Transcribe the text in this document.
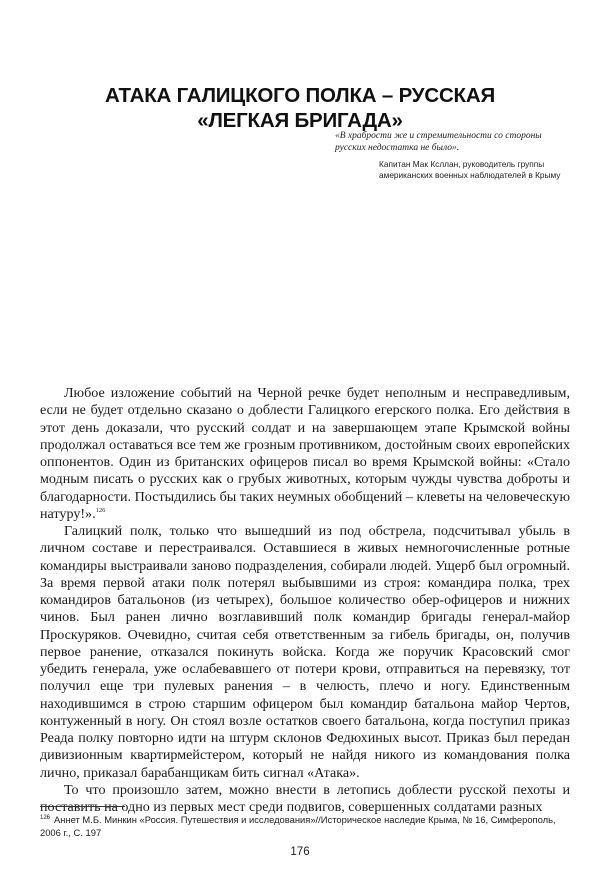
АТАКА ГАЛИЦКОГО ПОЛКА – РУССКАЯ
«ЛЕГКАЯ БРИГАДА»

«В храбрости же и стремительности со стороны русских недостатка не было».

Капитан Мак Ксллан, руководитель группы американских военных наблюдателей в Крыму

Любое изложение событий на Черной речке будет неполным и несправедливым, если не будет отдельно сказано о доблести Галицкого егерского полка. Его действия в этот день доказали, что русский солдат и на завершающем этапе Крымской войны продолжал оставаться все тем же грозным противником, достойным своих европейских оппонентов. Один из британских офицеров писал во время Крымской войны: «Стало модным писать о русских как о грубых животных, которым чужды чувства доброты и благодарности. Постыдились бы таких неумных обобщений – клеветы на человеческую натуру!».$^{126}$

Галицкий полк, только что вышедший из под обстрела, подсчитывал убыль в личном составе и перестраивался. Оставшиеся в живых немногочисленные ротные командиры выстраивали заново подразделения, собирали людей. Ущерб был огромный. За время первой атаки полк потерял выбывшими из строя: командира полка, трех командиров батальонов (из четырех), большое количество обер-офицеров и нижних чинов. Был ранен лично возглавивший полк командир бригады генерал-майор Проскуряков. Очевидно, считая себя ответственным за гибель бригады, он, получив первое ранение, отказался покинуть войска. Когда же поручик Красовский смог убедить генерала, уже ослабевавшего от потери крови, отправиться на перевязку, тот получил еще три пулевых ранения – в челюсть, плечо и ногу. Единственным находившимся в строю старшим офицером был командир батальона майор Чертов, контуженный в ногу. Он стоял возле остатков своего батальона, когда поступил приказ Реада полку повторно идти на штурм склонов Федюхиных высот. Приказ был передан дивизионным квартирмейстером, который не найдя никого из командования полка лично, приказал барабанщикам бить сигнал «Атака».

То что произошло затем, можно внести в летопись доблести русской пехоты и поставить на одно из первых мест среди подвигов, совершенных солдатами разных

$^{126}$ Аннет М.Б. Минкин «Россия. Путешествия и исследования»//Историческое наследие Крыма, № 16, Симферополь, 2006 г., С. 197
176
